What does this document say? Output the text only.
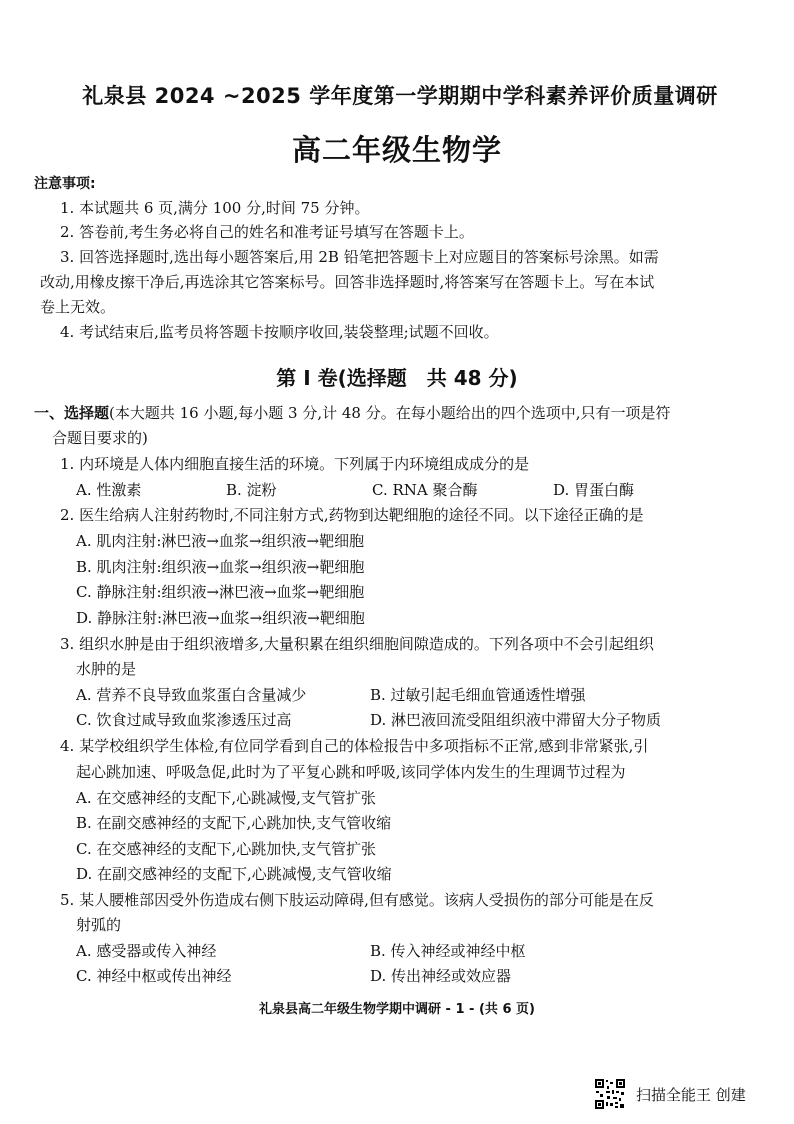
礼泉县 2024 ~2025 学年度第一学期期中学科素养评价质量调研
高二年级生物学
注意事项:
1. 本试题共 6 页,满分 100 分,时间 75 分钟。
2. 答卷前,考生务必将自己的姓名和准考证号填写在答题卡上。
3. 回答选择题时,选出每小题答案后,用 2B 铅笔把答题卡上对应题目的答案标号涂黑。如需
改动,用橡皮擦干净后,再选涂其它答案标号。回答非选择题时,将答案写在答题卡上。写在本试
卷上无效。
4. 考试结束后,监考员将答题卡按顺序收回,装袋整理;试题不回收。
第 Ⅰ 卷(选择题　共 48 分)
一、选择题(本大题共 16 小题,每小题 3 分,计 48 分。在每小题给出的四个选项中,只有一项是符
合题目要求的)
1. 内环境是人体内细胞直接生活的环境。下列属于内环境组成成分的是
A. 性激素	B. 淀粉	C. RNA 聚合酶	D. 胃蛋白酶
2. 医生给病人注射药物时,不同注射方式,药物到达靶细胞的途径不同。以下途径正确的是
A. 肌肉注射:淋巴液→血浆→组织液→靶细胞
B. 肌肉注射:组织液→血浆→组织液→靶细胞
C. 静脉注射:组织液→淋巴液→血浆→靶细胞
D. 静脉注射:淋巴液→血浆→组织液→靶细胞
3. 组织水肿是由于组织液增多,大量积累在组织细胞间隙造成的。下列各项中不会引起组织
水肿的是
A. 营养不良导致血浆蛋白含量减少	B. 过敏引起毛细血管通透性增强
C. 饮食过咸导致血浆渗透压过高	D. 淋巴液回流受阻组织液中滞留大分子物质
4. 某学校组织学生体检,有位同学看到自己的体检报告中多项指标不正常,感到非常紧张,引
起心跳加速、呼吸急促,此时为了平复心跳和呼吸,该同学体内发生的生理调节过程为
A. 在交感神经的支配下,心跳减慢,支气管扩张
B. 在副交感神经的支配下,心跳加快,支气管收缩
C. 在交感神经的支配下,心跳加快,支气管扩张
D. 在副交感神经的支配下,心跳减慢,支气管收缩
5. 某人腰椎部因受外伤造成右侧下肢运动障碍,但有感觉。该病人受损伤的部分可能是在反
射弧的
A. 感受器或传入神经	B. 传入神经或神经中枢
C. 神经中枢或传出神经	D. 传出神经或效应器
礼泉县高二年级生物学期中调研 - 1 - (共 6 页)
扫描全能王 创建
